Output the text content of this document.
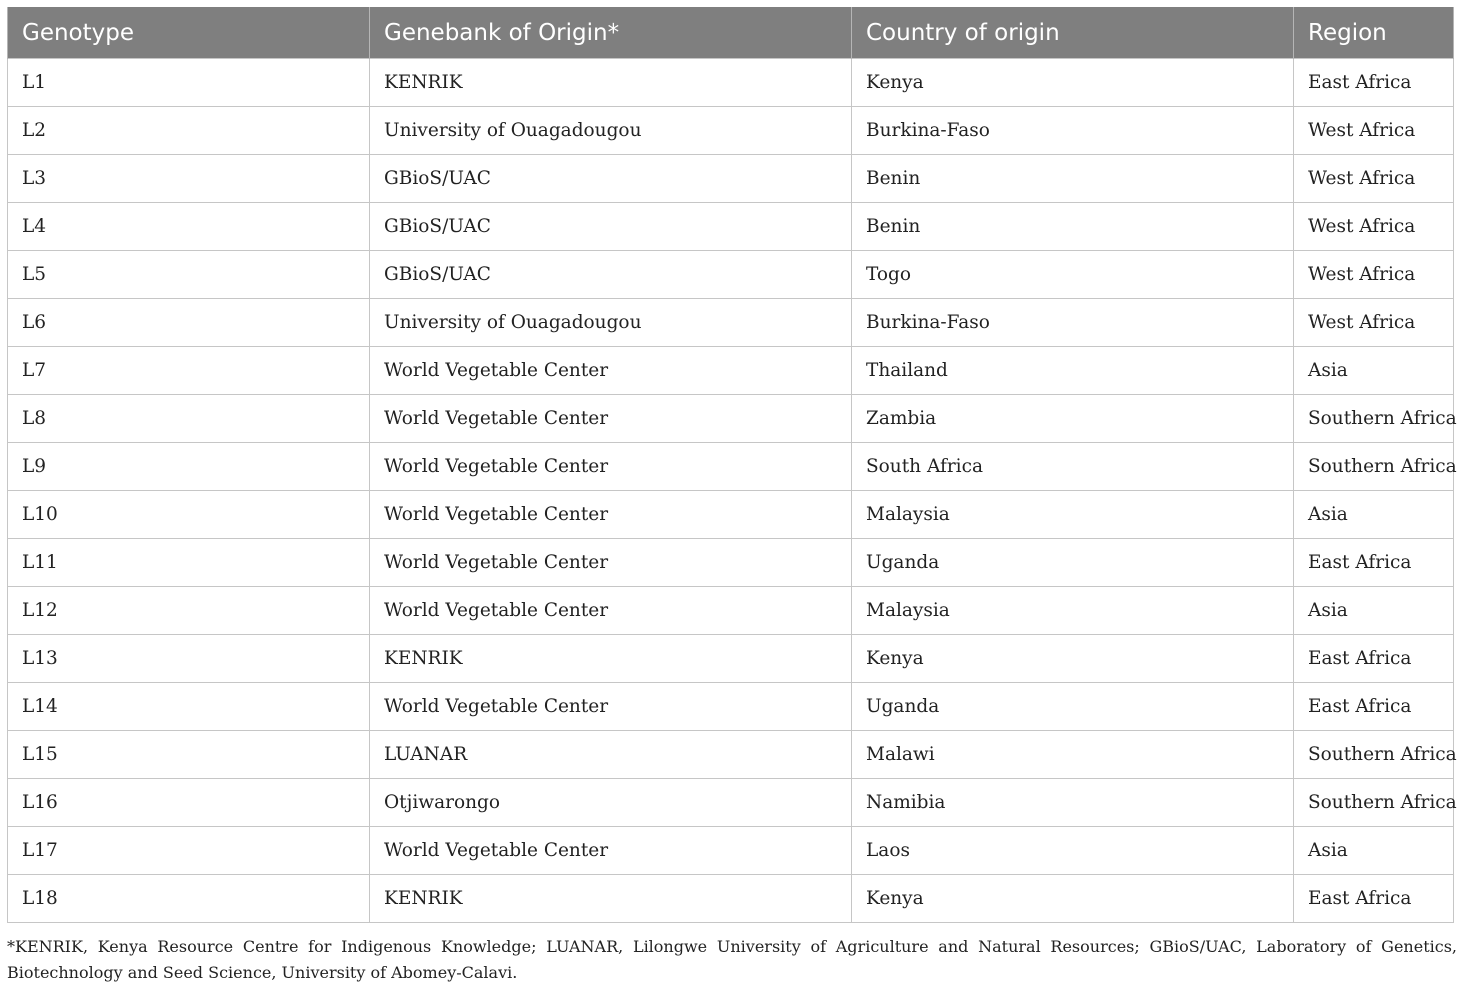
Genotype	Genebank of Origin*	Country of origin	Region
L1	KENRIK	Kenya	East Africa
L2	University of Ouagadougou	Burkina-Faso	West Africa
L3	GBioS/UAC	Benin	West Africa
L4	GBioS/UAC	Benin	West Africa
L5	GBioS/UAC	Togo	West Africa
L6	University of Ouagadougou	Burkina-Faso	West Africa
L7	World Vegetable Center	Thailand	Asia
L8	World Vegetable Center	Zambia	Southern Africa
L9	World Vegetable Center	South Africa	Southern Africa
L10	World Vegetable Center	Malaysia	Asia
L11	World Vegetable Center	Uganda	East Africa
L12	World Vegetable Center	Malaysia	Asia
L13	KENRIK	Kenya	East Africa
L14	World Vegetable Center	Uganda	East Africa
L15	LUANAR	Malawi	Southern Africa
L16	Otjiwarongo	Namibia	Southern Africa
L17	World Vegetable Center	Laos	Asia
L18	KENRIK	Kenya	East Africa
*KENRIK, Kenya Resource Centre for Indigenous Knowledge; LUANAR, Lilongwe University of Agriculture and Natural Resources; GBioS/UAC, Laboratory of Genetics, Biotechnology and Seed Science, University of Abomey-Calavi.
